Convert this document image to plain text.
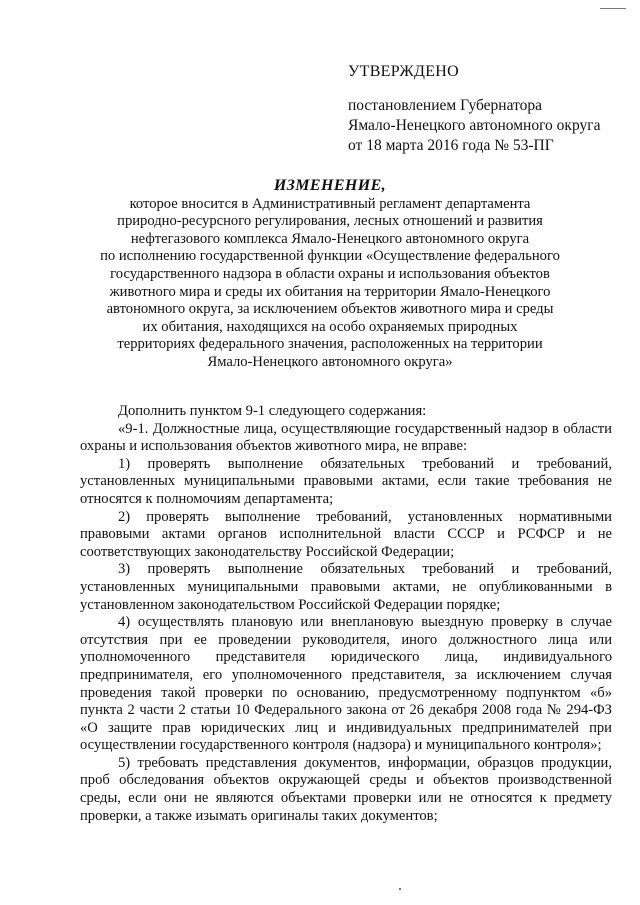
УТВЕРЖДЕНО
постановлением Губернатора
Ямало-Ненецкого автономного округа
от 18 марта 2016 года № 53-ПГ
ИЗМЕНЕНИЕ,
которое вносится в Административный регламент департамента
природно-ресурсного регулирования, лесных отношений и развития
нефтегазового комплекса Ямало-Ненецкого автономного округа
по исполнению государственной функции «Осуществление федерального
государственного надзора в области охраны и использования объектов
животного мира и среды их обитания на территории Ямало-Ненецкого
автономного округа, за исключением объектов животного мира и среды
их обитания, находящихся на особо охраняемых природных
территориях федерального значения, расположенных на территории
Ямало-Ненецкого автономного округа»

Дополнить пунктом 9-1 следующего содержания:

«9-1. Должностные лица, осуществляющие государственный надзор в области охраны и использования объектов животного мира, не вправе:

1) проверять выполнение обязательных требований и требований, установленных муниципальными правовыми актами, если такие требования не относятся к полномочиям департамента;

2) проверять выполнение требований, установленных нормативными правовыми актами органов исполнительной власти СССР и РСФСР и не соответствующих законодательству Российской Федерации;

3) проверять выполнение обязательных требований и требований, установленных муниципальными правовыми актами, не опубликованными в установленном законодательством Российской Федерации порядке;

4) осуществлять плановую или внеплановую выездную проверку в случае отсутствия при ее проведении руководителя, иного должностного лица или уполномоченного представителя юридического лица, индивидуального предпринимателя, его уполномоченного представителя, за исключением случая проведения такой проверки по основанию, предусмотренному подпунктом «б» пункта 2 части 2 статьи 10 Федерального закона от 26 декабря 2008 года № 294-ФЗ «О защите прав юридических лиц и индивидуальных предпринимателей при осуществлении государственного контроля (надзора) и муниципального контроля»;

5) требовать представления документов, информации, образцов продукции, проб обследования объектов окружающей среды и объектов производственной среды, если они не являются объектами проверки или не относятся к предмету проверки, а также изымать оригиналы таких документов;
